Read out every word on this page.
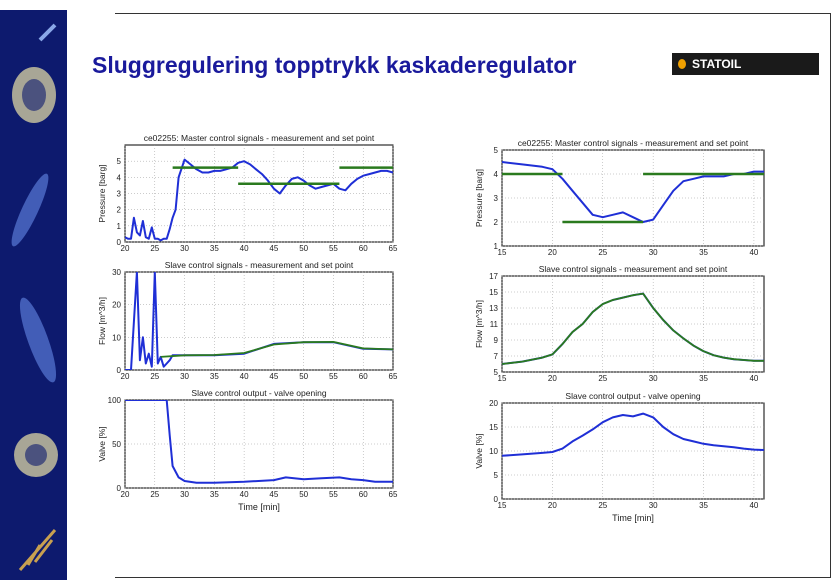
Sluggregulering topptrykk kaskaderegulator	STATOIL
20	25	30	35	40	45	50	55	60	65
0
1
2
3
4
5
ce02255: Master control signals - measurement and set point
Pressure [barg]
20	25	30	35	40	45	50	55	60	65
0
10
20
30
Slave control signals - measurement and set point
Flow [m^3/h]
20	25	30	35	40	45	50	55	60	65
0
50
100
Slave control output - valve opening
Valve [%]
Time [min]
15	20	25	30	35	40
1
2
3
4
5
ce02255: Master control signals - measurement and set point
Pressure [barg]
15	20	25	30	35	40
5
7
9
11
13
15
17
Slave control signals - measurement and set point
Flow [m^3/h]
15	20	25	30	35	40
0
5
10
15
20
Slave control output - valve opening
Valve [%]
Time [min]
